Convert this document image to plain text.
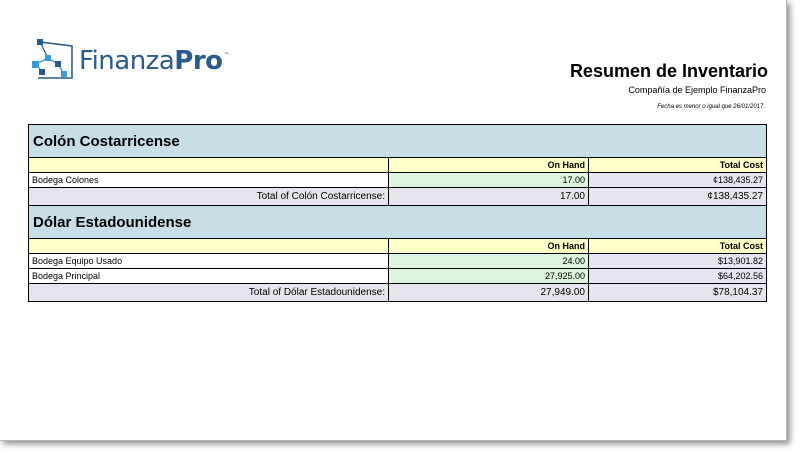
FinanzaPro™
Resumen de Inventario
Compañía de Ejemplo FinanzaPro
Fecha es menor o igual que 26/01/2017.
Colón Costarricense		
	On Hand	Total Cost
Bodega Colones	17.00	¢138,435.27
Total of Colón Costarricense:	17.00	¢138,435.27
Dólar Estadounidense		
	On Hand	Total Cost
Bodega Equipo Usado	24.00	$13,901.82
Bodega Principal	27,925.00	$64,202.56
Total of Dólar Estadounidense:	27,949.00	$78,104.37
